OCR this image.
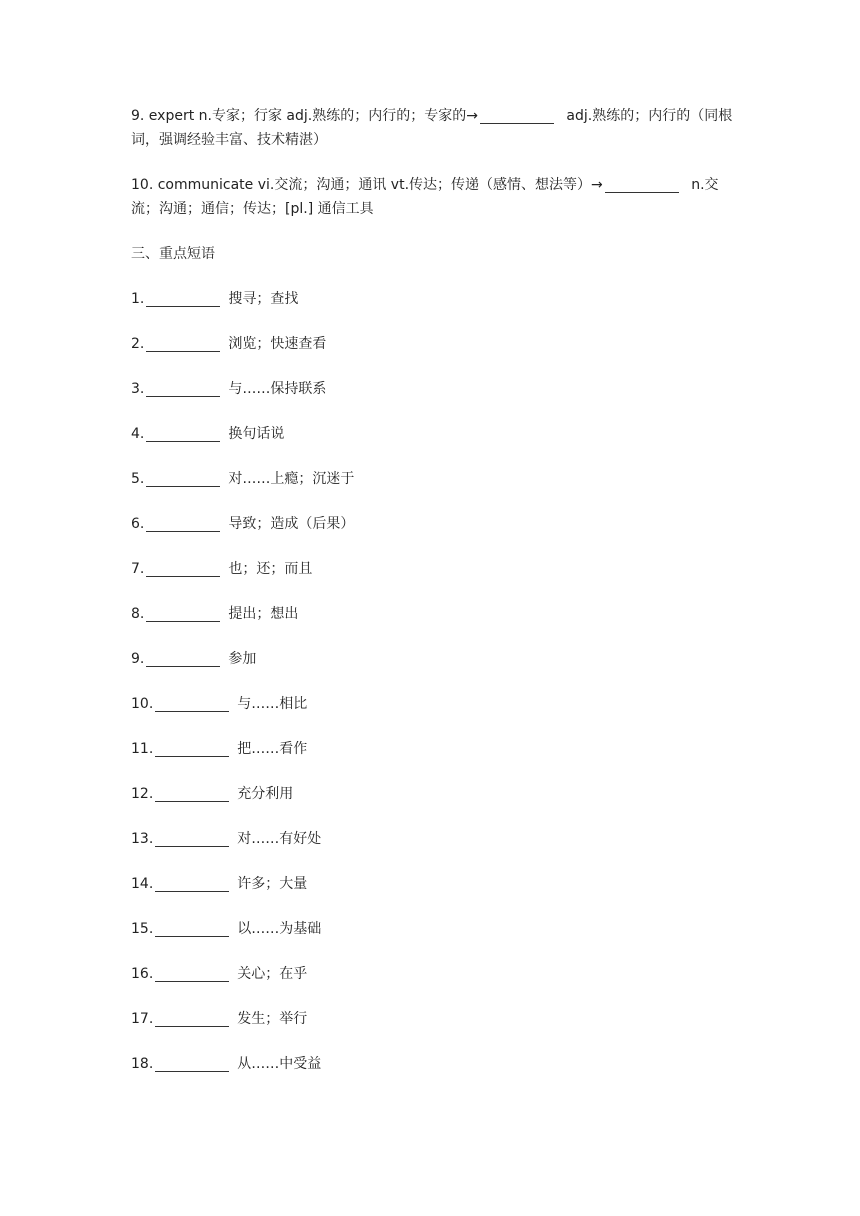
9. expert n.专家；行家 adj.熟练的；内行的；专家的→	adj.熟练的；内行的（同根词，强调经验丰富、技术精湛）

10. communicate vi.交流；沟通；通讯 vt.传达；传递（感情、想法等）→	n.交流；沟通；通信；传达；[pl.] 通信工具

三、重点短语
1.	搜寻；查找
2.	浏览；快速查看
3.	与……保持联系
4.	换句话说
5.	对……上瘾；沉迷于
6.	导致；造成（后果）
7.	也；还；而且
8.	提出；想出
9.	参加
10.	与……相比
11.	把……看作
12.	充分利用
13.	对……有好处
14.	许多；大量
15.	以……为基础
16.	关心；在乎
17.	发生；举行
18.	从……中受益
